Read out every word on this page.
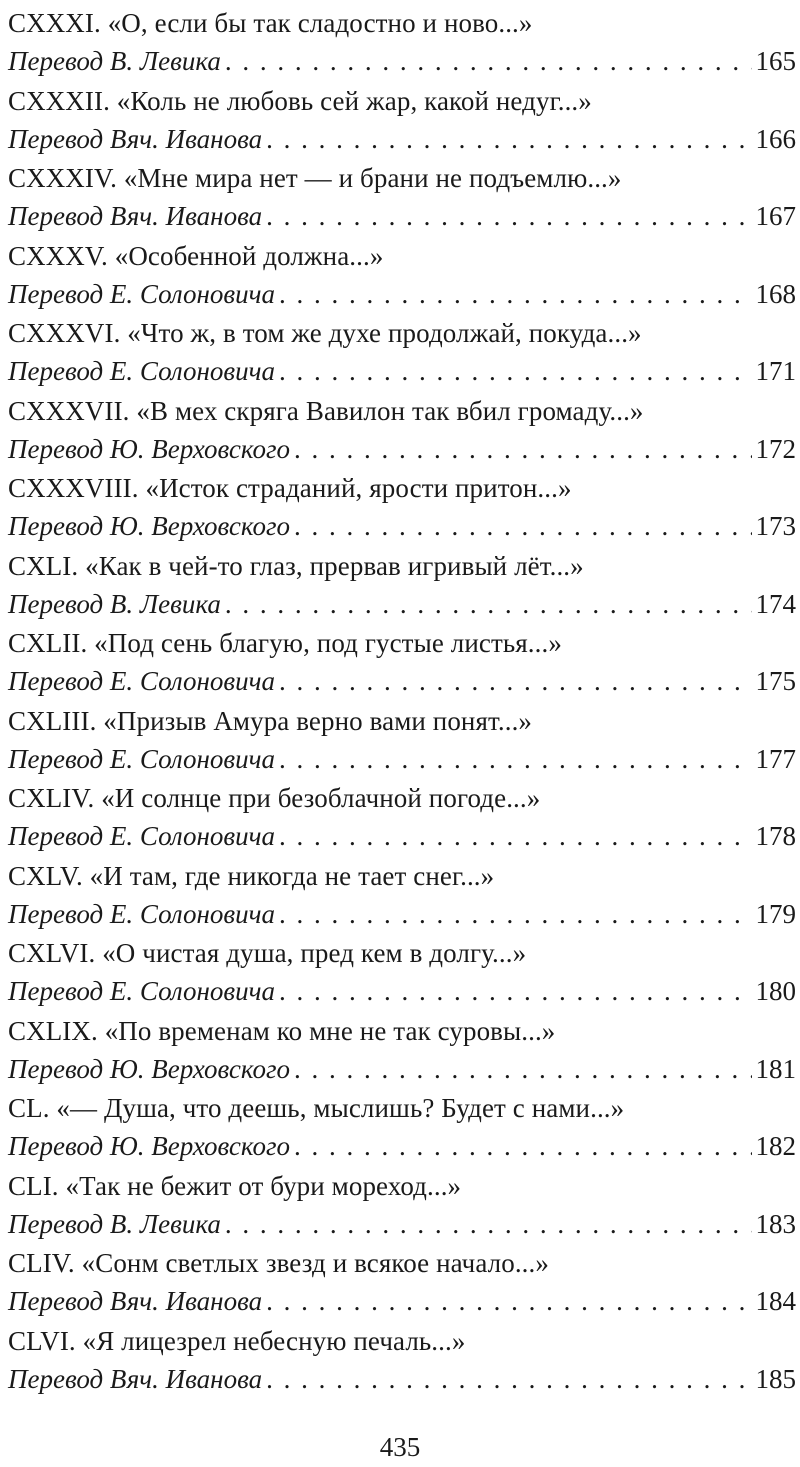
CXXXI. «О, если бы так сладостно и ново...»
Перевод В. Левика . . .	165
CXXXII. «Коль не любовь сей жар, какой недуг...»
Перевод Вяч. Иванова . . .	166
CXXXIV. «Мне мира нет — и брани не подъемлю...»
Перевод Вяч. Иванова . . .	167
CXXXV. «Особенной должна...»
Перевод Е. Солоновича . . .	168
CXXXVI. «Что ж, в том же духе продолжай, покуда...»
Перевод Е. Солоновича . . .	171
CXXXVII. «В мех скряга Вавилон так вбил громаду...»
Перевод Ю. Верховского . . .	172
CXXXVIII. «Исток страданий, ярости притон...»
Перевод Ю. Верховского . . .	173
CXLI. «Как в чей-то глаз, прервав игривый лёт...»
Перевод В. Левика . . .	174
CXLII. «Под сень благую, под густые листья...»
Перевод Е. Солоновича . . .	175
CXLIII. «Призыв Амура верно вами понят...»
Перевод Е. Солоновича . . .	177
CXLIV. «И солнце при безоблачной погоде...»
Перевод Е. Солоновича . . .	178
CXLV. «И там, где никогда не тает снег...»
Перевод Е. Солоновича . . .	179
CXLVI. «О чистая душа, пред кем в долгу...»
Перевод Е. Солоновича . . .	180
CXLIX. «По временам ко мне не так суровы...»
Перевод Ю. Верховского . . .	181
CL. «— Душа, что деешь, мыслишь? Будет с нами...»
Перевод Ю. Верховского . . .	182
CLI. «Так не бежит от бури мореход...»
Перевод В. Левика . . .	183
CLIV. «Сонм светлых звезд и всякое начало...»
Перевод Вяч. Иванова . . .	184
CLVI. «Я лицезрел небесную печаль...»
Перевод Вяч. Иванова . . .	185
435
